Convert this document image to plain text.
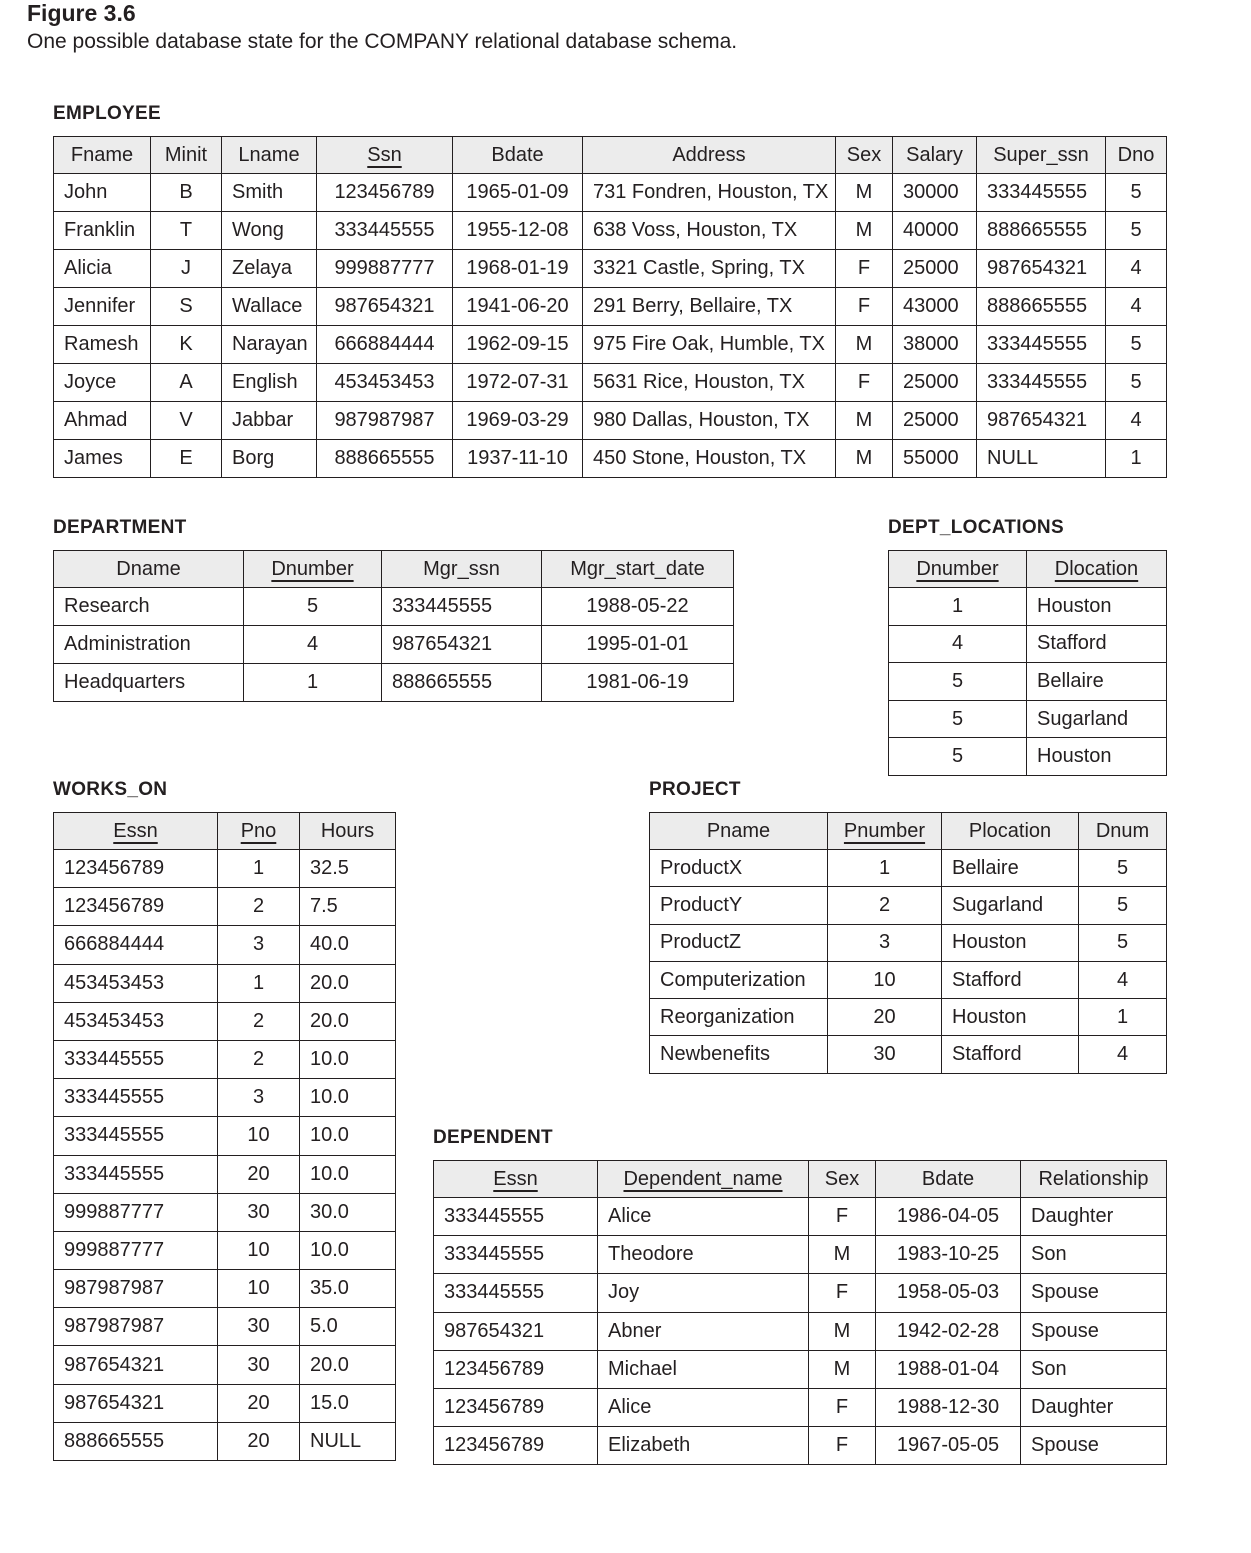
Figure 3.6
One possible database state for the COMPANY relational database schema.
EMPLOYEE
Fname	Minit	Lname	Ssn	Bdate	Address	Sex	Salary	Super_ssn	Dno
John	B	Smith	123456789	1965-01-09	731 Fondren, Houston, TX	M	30000	333445555	5
Franklin	T	Wong	333445555	1955-12-08	638 Voss, Houston, TX	M	40000	888665555	5
Alicia	J	Zelaya	999887777	1968-01-19	3321 Castle, Spring, TX	F	25000	987654321	4
Jennifer	S	Wallace	987654321	1941-06-20	291 Berry, Bellaire, TX	F	43000	888665555	4
Ramesh	K	Narayan	666884444	1962-09-15	975 Fire Oak, Humble, TX	M	38000	333445555	5
Joyce	A	English	453453453	1972-07-31	5631 Rice, Houston, TX	F	25000	333445555	5
Ahmad	V	Jabbar	987987987	1969-03-29	980 Dallas, Houston, TX	M	25000	987654321	4
James	E	Borg	888665555	1937-11-10	450 Stone, Houston, TX	M	55000	NULL	1
DEPARTMENT
Dname	Dnumber	Mgr_ssn	Mgr_start_date
Research	5	333445555	1988-05-22
Administration	4	987654321	1995-01-01
Headquarters	1	888665555	1981-06-19
DEPT_LOCATIONS
Dnumber	Dlocation
1	Houston
4	Stafford
5	Bellaire
5	Sugarland
5	Houston
WORKS_ON
Essn	Pno	Hours
123456789	1	32.5
123456789	2	7.5
666884444	3	40.0
453453453	1	20.0
453453453	2	20.0
333445555	2	10.0
333445555	3	10.0
333445555	10	10.0
333445555	20	10.0
999887777	30	30.0
999887777	10	10.0
987987987	10	35.0
987987987	30	5.0
987654321	30	20.0
987654321	20	15.0
888665555	20	NULL
PROJECT
Pname	Pnumber	Plocation	Dnum
ProductX	1	Bellaire	5
ProductY	2	Sugarland	5
ProductZ	3	Houston	5
Computerization	10	Stafford	4
Reorganization	20	Houston	1
Newbenefits	30	Stafford	4
DEPENDENT
Essn	Dependent_name	Sex	Bdate	Relationship
333445555	Alice	F	1986-04-05	Daughter
333445555	Theodore	M	1983-10-25	Son
333445555	Joy	F	1958-05-03	Spouse
987654321	Abner	M	1942-02-28	Spouse
123456789	Michael	M	1988-01-04	Son
123456789	Alice	F	1988-12-30	Daughter
123456789	Elizabeth	F	1967-05-05	Spouse
